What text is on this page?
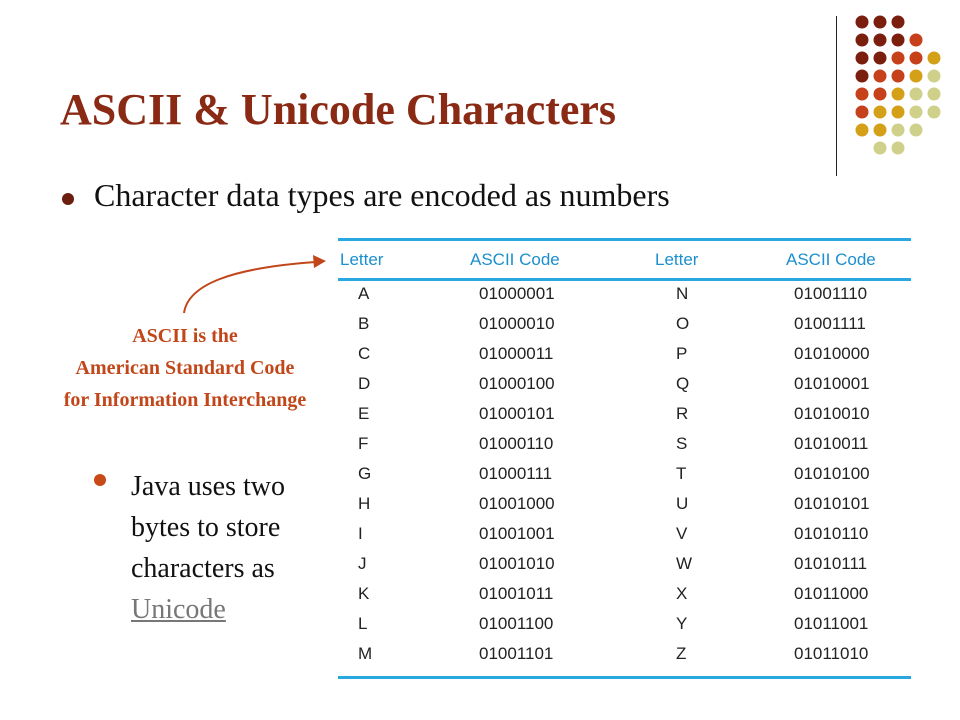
ASCII & Unicode Characters
Character data types are encoded as numbers
ASCII is the
American Standard Code
for Information Interchange
Java uses two
bytes to store
characters as
Unicode
Letter	ASCII Code	Letter	ASCII Code
A	01000001	N	01001110
B	01000010	O	01001111
C	01000011	P	01010000
D	01000100	Q	01010001
E	01000101	R	01010010
F	01000110	S	01010011
G	01000111	T	01010100
H	01001000	U	01010101
I	01001001	V	01010110
J	01001010	W	01010111
K	01001011	X	01011000
L	01001100	Y	01011001
M	01001101	Z	01011010
